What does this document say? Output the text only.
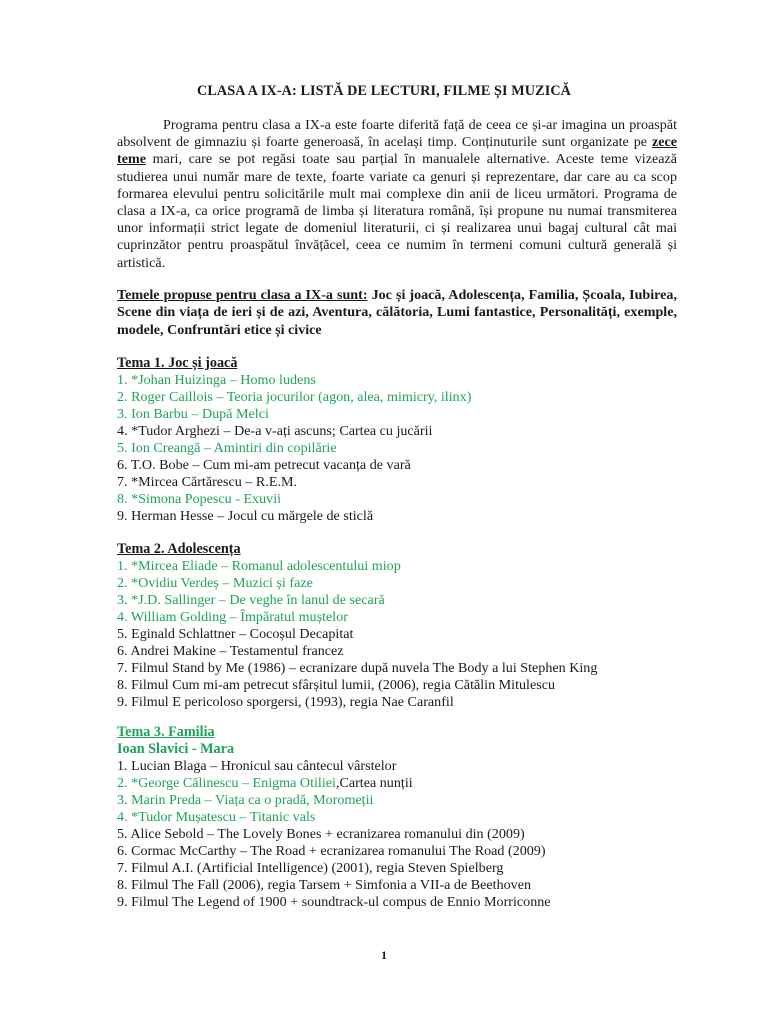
CLASA A IX-A: LISTĂ DE LECTURI, FILME ȘI MUZICĂ

Programa pentru clasa a IX-a este foarte diferită față de ceea ce și-ar imagina un proaspăt absolvent de gimnaziu și foarte generoasă, în același timp. Conținuturile sunt organizate pe zece teme mari, care se pot regăsi toate sau parțial în manualele alternative. Aceste teme vizează studierea unui număr mare de texte, foarte variate ca genuri și reprezentare, dar care au ca scop formarea elevului pentru solicitările mult mai complexe din anii de liceu următori. Programa de clasa a IX-a, ca orice programă de limba și literatura română, își propune nu numai transmiterea unor informații strict legate de domeniul literaturii, ci și realizarea unui bagaj cultural cât mai cuprinzător pentru proaspătul învățăcel, ceea ce numim în termeni comuni cultură generală și artistică.

Temele propuse pentru clasa a IX-a sunt: Joc și joacă, Adolescența, Familia, Școala, Iubirea, Scene din viața de ieri și de azi, Aventura, călătoria, Lumi fantastice, Personalități, exemple, modele, Confruntări etice și civice

Tema 1. Joc și joacă
1. *Johan Huizinga – Homo ludens
2. Roger Caillois – Teoria jocurilor (agon, alea, mimicry, ilinx)
3. Ion Barbu – După Melci
4. *Tudor Arghezi – De-a v-ați ascuns; Cartea cu jucării
5. Ion Creangă – Amintiri din copilărie
6. T.O. Bobe – Cum mi-am petrecut vacanța de vară
7. *Mircea Cărtărescu – R.E.M.
8. *Simona Popescu - Exuvii
9. Herman Hesse – Jocul cu mărgele de sticlă
Tema 2. Adolescența
1. *Mircea Eliade – Romanul adolescentului miop
2. *Ovidiu Verdeș – Muzici și faze
3. *J.D. Sallinger – De veghe în lanul de secară
4. William Golding – Împăratul muștelor
5. Eginald Schlattner – Cocoșul Decapitat
6. Andrei Makine – Testamentul francez
7. Filmul Stand by Me (1986) – ecranizare după nuvela The Body a lui Stephen King
8. Filmul Cum mi-am petrecut sfârșitul lumii, (2006), regia Cătălin Mitulescu
9. Filmul E pericoloso sporgersi, (1993), regia Nae Caranfil
Tema 3. Familia
Ioan Slavici - Mara
1. Lucian Blaga – Hronicul sau cântecul vârstelor
2. *George Călinescu – Enigma Otiliei,Cartea nunții
3. Marin Preda – Viața ca o pradă, Moromeții
4. *Tudor Mușatescu – Titanic vals
5. Alice Sebold – The Lovely Bones + ecranizarea romanului din (2009)
6. Cormac McCarthy – The Road + ecranizarea romanului The Road (2009)
7. Filmul A.I. (Artificial Intelligence) (2001), regia Steven Spielberg
8. Filmul The Fall (2006), regia Tarsem + Simfonia a VII-a de Beethoven
9. Filmul The Legend of 1900 + soundtrack-ul compus de Ennio Morriconne
1
